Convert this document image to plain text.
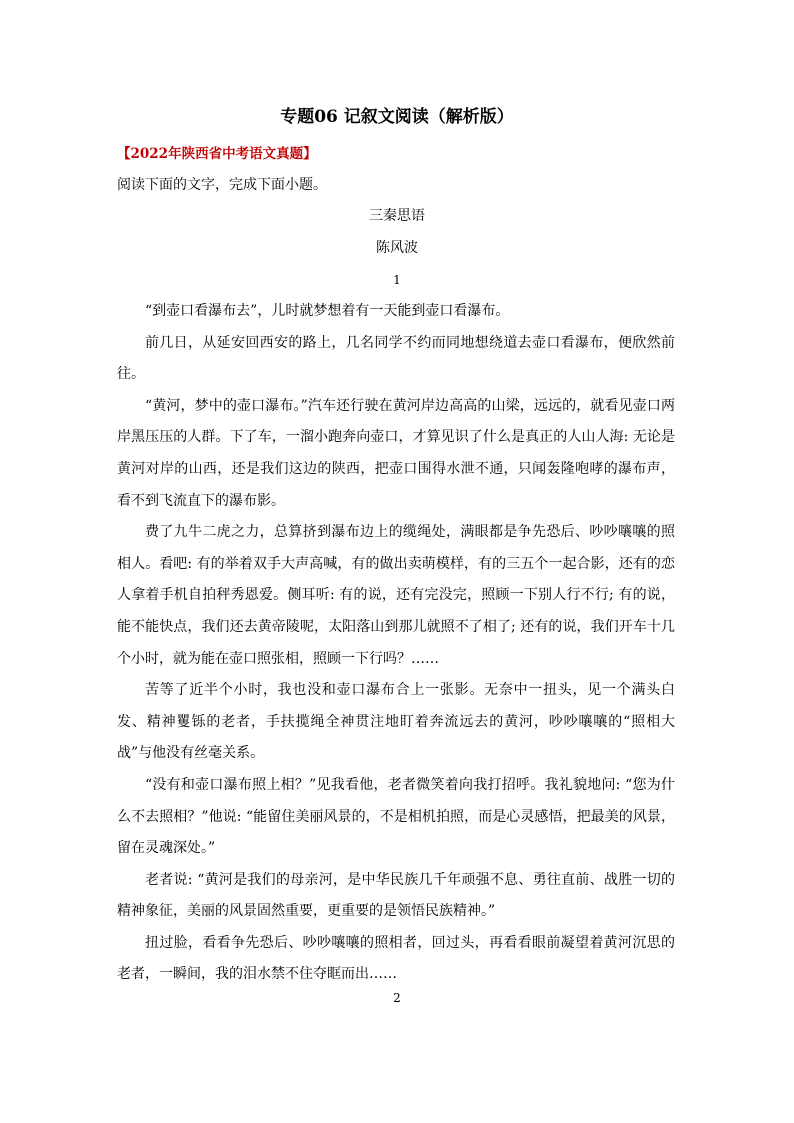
专题06 记叙文阅读（解析版）
【2022年陕西省中考语文真题】
阅读下面的文字，完成下面小题。
三秦思语
陈风波
1

“到壶口看瀑布去”，儿时就梦想着有一天能到壶口看瀑布。

前几日，从延安回西安的路上，几名同学不约而同地想绕道去壶口看瀑布，便欣然前往。

“黄河，梦中的壶口瀑布。”汽车还行驶在黄河岸边高高的山梁，远远的，就看见壶口两岸黑压压的人群。下了车，一溜小跑奔向壶口，才算见识了什么是真正的人山人海: 无论是黄河对岸的山西，还是我们这边的陕西，把壶口围得水泄不通，只闻轰隆咆哮的瀑布声，看不到飞流直下的瀑布影。

费了九牛二虎之力，总算挤到瀑布边上的缆绳处，满眼都是争先恐后、吵吵嚷嚷的照相人。看吧: 有的举着双手大声高喊，有的做出卖萌模样，有的三五个一起合影，还有的恋人拿着手机自拍秤秀恩爱。侧耳听: 有的说，还有完没完，照顾一下别人行不行; 有的说，能不能快点，我们还去黄帝陵呢，太阳落山到那儿就照不了相了; 还有的说，我们开车十几个小时，就为能在壶口照张相，照顾一下行吗？……

苦等了近半个小时，我也没和壶口瀑布合上一张影。无奈中一扭头，见一个满头白发、精神矍铄的老者，手扶揽绳全神贯注地盯着奔流远去的黄河，吵吵嚷嚷的“照相大战”与他没有丝毫关系。

“没有和壶口瀑布照上相？”见我看他，老者微笑着向我打招呼。我礼貌地问: “您为什么不去照相？”他说: “能留住美丽风景的，不是相机拍照，而是心灵感悟，把最美的风景，留在灵魂深处。”

老者说: “黄河是我们的母亲河，是中华民族几千年顽强不息、勇往直前、战胜一切的精神象征，美丽的风景固然重要，更重要的是领悟民族精神。”

扭过脸，看看争先恐后、吵吵嚷嚷的照相者，回过头，再看看眼前凝望着黄河沉思的老者，一瞬间，我的泪水禁不住夺眶而出……

2
